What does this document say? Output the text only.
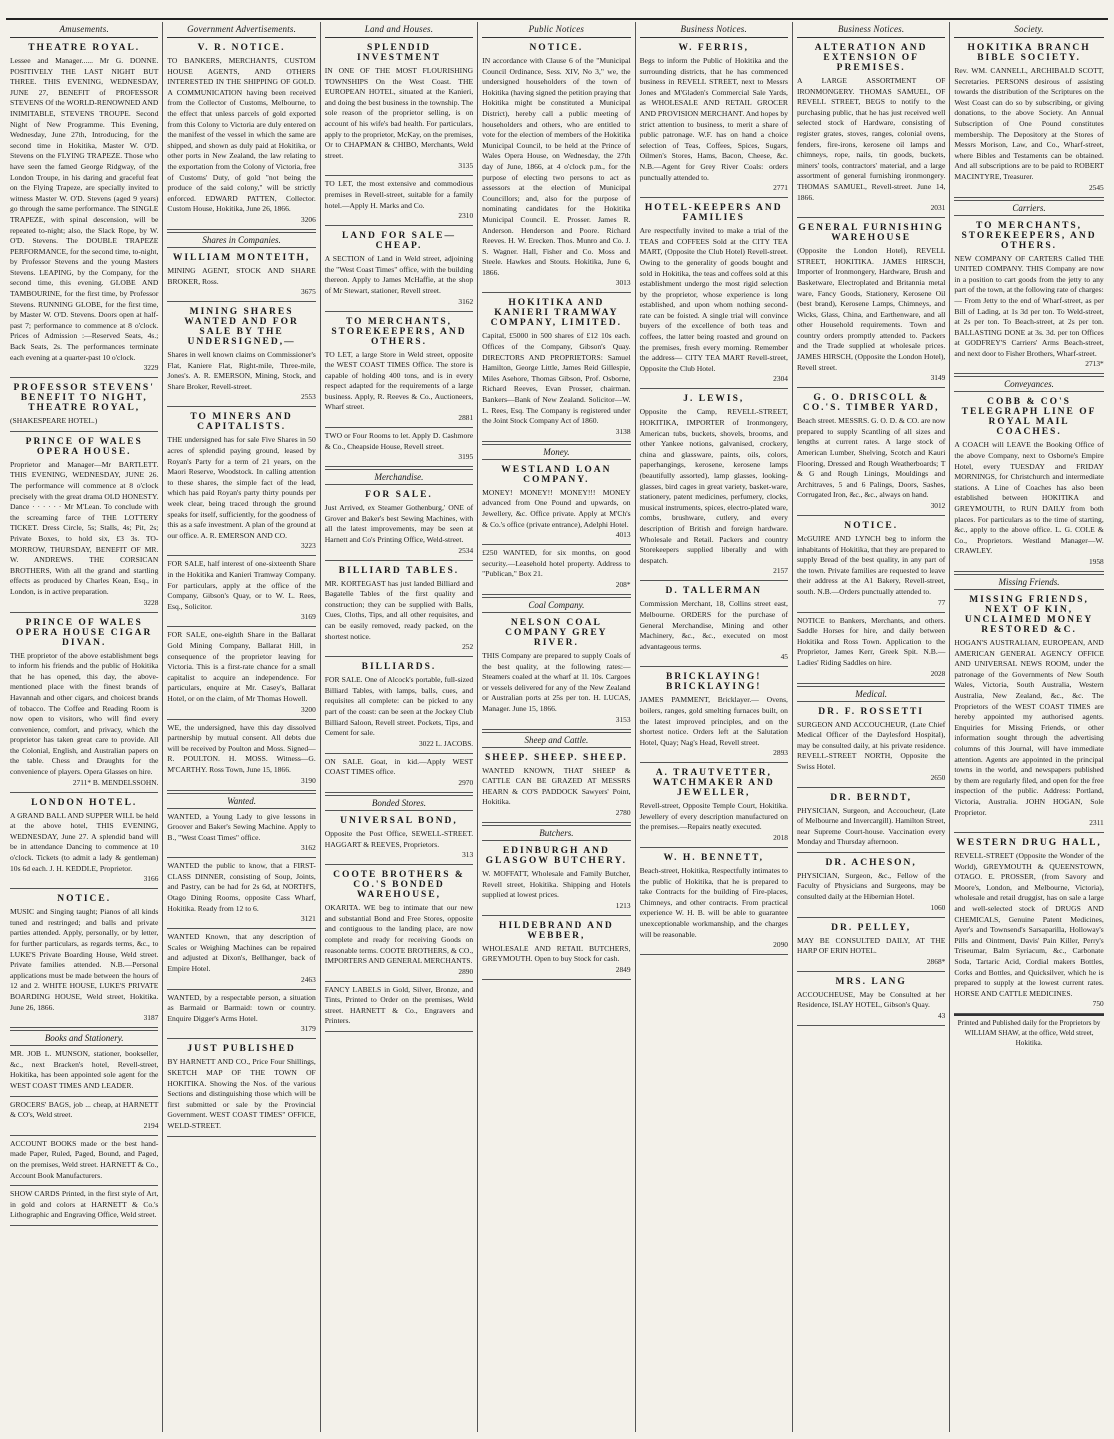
Amusements.
THEATRE ROYAL.
Lessee and Manager...... Mr G. DONNE. POSITIVELY THE LAST NIGHT BUT THREE. THIS EVENING, WEDNESDAY, JUNE 27, BENEFIT of PROFESSOR STEVENS Of the WORLD-RENOWNED AND INIMITABLE, STEVENS TROUPE. Second Night of New Programme. This Evening, Wednesday, June 27th, Introducing, for the second time in Hokitika, Master W. O'D. Stevens on the FLYING TRAPEZE. Those who have seen the famed George Ridgway, of the London Troupe, in his daring and graceful feat on the Flying Trapeze, are specially invited to witness Master W. O'D. Stevens (aged 9 years) go through the same performance. The SINGLE TRAPEZE, with spinal descension, will be repeated to-night; also, the Slack Rope, by W. O'D. Stevens. The DOUBLE TRAPEZE PERFORMANCE, for the second time, to-night, by Professor Stevens and the young Masters Stevens. LEAPING, by the Company, for the second time, this evening. GLOBE AND TAMBOURINE, for the first time, by Professor Stevens. RUNNING GLOBE, for the first time, by Master W. O'D. Stevens. Doors open at half-past 7; performance to commence at 8 o'clock. Prices of Admission :—Reserved Seats, 4s.; Back Seats, 2s. The performances terminate each evening at a quarter-past 10 o'clock.
3229
PROFESSOR STEVENS' BENEFIT TO NIGHT, THEATRE ROYAL,
(SHAKESPEARE HOTEL.)
PRINCE OF WALES OPERA HOUSE.
Proprietor and Manager—Mr BARTLETT. THIS EVENING, WEDNESDAY, JUNE 26. The performance will commence at 8 o'clock precisely with the great drama OLD HONESTY. Dance · · · · · · Mr M'Lean. To conclude with the screaming farce of THE LOTTERY TICKET. Dress Circle, 5s; Stalls, 4s; Pit, 2s; Private Boxes, to hold six, £3 3s. TO-MORROW, THURSDAY, BENEFIT OF MR. W. ANDREWS. THE CORSICAN BROTHERS, With all the grand and startling effects as produced by Charles Kean, Esq., in London, is in active preparation.
3228
PRINCE OF WALES OPERA HOUSE CIGAR DIVAN.
THE proprietor of the above establishment begs to inform his friends and the public of Hokitika that he has opened, this day, the above-mentioned place with the finest brands of Havannah and other cigars, and choicest brands of tobacco. The Coffee and Reading Room is now open to visitors, who will find every convenience, comfort, and privacy, which the proprietor has taken great care to provide. All the Colonial, English, and Australian papers on the table. Chess and Draughts for the convenience of players. Opera Glasses on hire.
2711* B. MENDELSSOHN.
LONDON HOTEL.
A GRAND BALL AND SUPPER WILL be held at the above hotel, THIS EVENING, WEDNESDAY, June 27. A splendid band will be in attendance Dancing to commence at 10 o'clock. Tickets (to admit a lady & gentleman) 10s 6d each. J. H. KEDDLE, Proprietor.
3166
NOTICE.
MUSIC and Singing taught; Pianos of all kinds tuned and restringed; and balls and private parties attended. Apply, personally, or by letter, for further particulars, as regards terms, &c., to LUKE'S Private Boarding House, Weld street. Private families attended. N.B.—Personal applications must be made between the hours of 12 and 2. WHITE HOUSE, LUKE'S PRIVATE BOARDING HOUSE, Weld street, Hokitika. June 26, 1866.
3187
Books and Stationery.
MR. JOB L. MUNSON, stationer, bookseller, &c., next Bracken's hotel, Revell-street, Hokitika, has been appointed sole agent for the WEST COAST TIMES AND LEADER.
GROCERS' BAGS, job ... cheap, at HARNETT & CO's, Weld street.
2194
ACCOUNT BOOKS made or the best hand-made Paper, Ruled, Paged, Bound, and Paged, on the premises, Weld street. HARNETT & Co., Account Book Manufacturers.
SHOW CARDS Printed, in the first style of Art, in gold and colors at HARNETT & Co.'s Lithographic and Engraving Office, Weld street.
Government Advertisements.
V. R. NOTICE.
TO BANKERS, MERCHANTS, CUSTOM HOUSE AGENTS, AND OTHERS INTERESTED IN THE SHIPPING OF GOLD. A COMMUNICATION having been received from the Collector of Customs, Melbourne, to the effect that unless parcels of gold exported from this Colony to Victoria are duly entered on the manifest of the vessel in which the same are shipped, and shown as duly paid at Hokitika, or other ports in New Zealand, the law relating to the exportation from the Colony of Victoria, free of Customs' Duty, of gold "not being the produce of the said colony," will be strictly enforced. EDWARD PATTEN, Collector. Custom House, Hokitika, June 26, 1866.
3206
Shares in Companies.
WILLIAM MONTEITH,
MINING AGENT, STOCK AND SHARE BROKER, Ross.
3675
MINING SHARES WANTED AND FOR SALE BY THE UNDERSIGNED,—
Shares in well known claims on Commissioner's Flat, Kaniere Flat, Right-mile, Three-mile, Jones's. A. R. EMERSON, Mining, Stock, and Share Broker, Revell-street.
2553
TO MINERS AND CAPITALISTS.
THE undersigned has for sale Five Shares in 50 acres of splendid paying ground, leased by Royan's Party for a term of 21 years, on the Maori Reserve, Woodstock. In calling attention to these shares, the simple fact of the lead, which has paid Royan's party thirty pounds per week clear, being traced through the ground speaks for itself, sufficiently, for the goodness of this as a safe investment. A plan of the ground at our office. A. R. EMERSON AND CO.
3223
FOR SALE, half interest of one-sixteenth Share in the Hokitika and Kanieri Tramway Company. For particulars, apply at the office of the Company, Gibson's Quay, or to W. L. Rees, Esq., Solicitor.
3169
FOR SALE, one-eighth Share in the Ballarat Gold Mining Company, Ballarat Hill, in consequence of the proprietor leaving for Victoria. This is a first-rate chance for a small capitalist to acquire an independence. For particulars, enquire at Mr. Casey's, Ballarat Hotel, or on the claim, of Mr Thomas Howell.
3200
WE, the undersigned, have this day dissolved partnership by mutual consent. All debts due will be received by Poulton and Moss. Signed—R. POULTON. H. MOSS. Witness—G. M'CARTHY. Ross Town, June 15, 1866.
3190
Wanted.
WANTED, a Young Lady to give lessons in Groover and Baker's Sewing Machine. Apply to B., "West Coast Times" office.
3162
WANTED the public to know, that a FIRST-CLASS DINNER, consisting of Soup, Joints, and Pastry, can be had for 2s 6d, at NORTH'S, Otago Dining Rooms, opposite Cass Wharf, Hokitika. Ready from 12 to 6.
3121
WANTED Known, that any description of Scales or Weighing Machines can be repaired and adjusted at Dixon's, Bellhanger, back of Empire Hotel.
2463
WANTED, by a respectable person, a situation as Barmaid or Barmaid: town or country. Enquire Digger's Arms Hotel.
3179
JUST PUBLISHED
BY HARNETT AND CO., Price Four Shillings, SKETCH MAP OF THE TOWN OF HOKITIKA. Showing the Nos. of the various Sections and distinguishing those which will be first submitted or sale by the Provincial Government. WEST COAST TIMES" OFFICE, WELD-STREET.
Land and Houses.
SPLENDID INVESTMENT
IN ONE OF THE MOST FLOURISHING TOWNSHIPS On the West Coast. THE EUROPEAN HOTEL, situated at the Kanieri, and doing the best business in the township. The sole reason of the proprietor selling, is on account of his wife's bad health. For particulars, apply to the proprietor, McKay, on the premises, Or to CHAPMAN & CHIBO, Merchants, Weld street.
3135
TO LET, the most extensive and commodious premises in Revell-street, suitable for a family hotel.—Apply H. Marks and Co.
2310
LAND FOR SALE—CHEAP.
A SECTION of Land in Weld street, adjoining the "West Coast Times" office, with the building thereon. Apply to James McHaffie, at the shop of Mr Stewart, stationer, Revell street.
3162
TO MERCHANTS, STOREKEEPERS, AND OTHERS.
TO LET, a large Store in Weld street, opposite the WEST COAST TIMES Office. The store is capable of holding 400 tons, and is in every respect adapted for the requirements of a large business. Apply, R. Reeves & Co., Auctioneers, Wharf street.
2881
TWO or Four Rooms to let. Apply D. Cashmore & Co., Cheapside House, Revell street.
3195
Merchandise.
FOR SALE.
Just Arrived, ex Steamer Gothenburg,' ONE of Grover and Baker's best Sewing Machines, with all the latest improvements, may be seen at Harnett and Co's Printing Office, Weld-street.
2534
BILLIARD TABLES.
MR. KORTEGAST has just landed Billiard and Bagatelle Tables of the first quality and construction; they can be supplied with Balls, Cues, Cloths, Tips, and all other requisites, and can be easily removed, ready packed, on the shortest notice.
252
BILLIARDS.
FOR SALE. One of Alcock's portable, full-sized Billiard Tables, with lamps, balls, cues, and requisites all complete: can be picked to any part of the coast: can be seen at the Jockey Club Billiard Saloon, Revell street. Pockets, Tips, and Cement for sale.
3022 L. JACOBS.
ON SALE. Goat, in kid.—Apply WEST COAST TIMES office.
2970
Bonded Stores.
UNIVERSAL BOND,
Opposite the Post Office, SEWELL-STREET. HAGGART & REEVES, Proprietors.
313
COOTE BROTHERS & CO.'S BONDED WAREHOUSE,
OKARITA. WE beg to intimate that our new and substantial Bond and Free Stores, opposite and contiguous to the landing place, are now complete and ready for receiving Goods on reasonable terms. COOTE BROTHERS, & CO., IMPORTERS AND GENERAL MERCHANTS.
2890
FANCY LABELS in Gold, Silver, Bronze, and Tints, Printed to Order on the premises, Weld street. HARNETT & Co., Engravers and Printers.
Public Notices
NOTICE.
IN accordance with Clause 6 of the "Municipal Council Ordinance, Sess. XIV, No 3," we, the undersigned householders of the town of Hokitika (having signed the petition praying that Hokitika might be constituted a Municipal District), hereby call a public meeting of householders and others, who are entitled to vote for the election of members of the Hokitika Municipal Council, to be held at the Prince of Wales Opera House, on Wednesday, the 27th day of June, 1866, at 4 o'clock p.m., for the purpose of electing two persons to act as assessors at the election of Municipal Councillors; and, also for the purpose of nominating candidates for the Hokitika Municipal Council. E. Prosser. James R. Anderson. Henderson and Poore. Richard Reeves. H. W. Erecken. Thos. Munro and Co. J. S. Wagner. Hall, Fisher and Co. Moss and Steele. Hawkes and Stouts. Hokitika, June 6, 1866.
3013
HOKITIKA AND KANIERI TRAMWAY COMPANY, LIMITED.
Capital, £5000 in 500 shares of £12 10s each. Offices of the Company, Gibson's Quay. DIRECTORS AND PROPRIETORS: Samuel Hamilton, George Little, James Reid Gillespie, Miles Asehore, Thomas Gibson, Prof. Osborne, Richard Reeves, Evan Prosser, chairman. Bankers—Bank of New Zealand. Solicitor—W. L. Rees, Esq. The Company is registered under the Joint Stock Company Act of 1860.
3138
Money.
WESTLAND LOAN COMPANY.
MONEY! MONEY!! MONEY!!! MONEY advanced from One Pound and upwards, on Jewellery, &c. Office private. Apply at M'Ch's & Co.'s office (private entrance), Adelphi Hotel.
4013
£250 WANTED, for six months, on good security.—Leasehold hotel property. Address to "Publican," Box 21.
208*
Coal Company.
NELSON COAL COMPANY GREY RIVER.
THIS Company are prepared to supply Coals of the best quality, at the following rates:— Steamers coaled at the wharf at 1l. 10s. Cargoes or vessels delivered for any of the New Zealand or Australian ports at 25s per ton. H. LUCAS, Manager. June 15, 1866.
3153
Sheep and Cattle.
SHEEP. SHEEP. SHEEP.
WANTED KNOWN, THAT SHEEP & CATTLE CAN BE GRAZED AT MESSRS HEARN & CO'S PADDOCK Sawyers' Point, Hokitika.
2780
Butchers.
EDINBURGH AND GLASGOW BUTCHERY.
W. MOFFATT, Wholesale and Family Butcher, Revell street, Hokitika. Shipping and Hotels supplied at lowest prices.
1213
HILDEBRAND AND WEBBER,
WHOLESALE AND RETAIL BUTCHERS, GREYMOUTH. Open to buy Stock for cash.
2849
Business Notices.
W. FERRIS,
Begs to inform the Public of Hokitika and the surrounding districts, that he has commenced business in REVELL STREET, next to Messrs Jones and M'Gladen's Commercial Sale Yards, as WHOLESALE AND RETAIL GROCER AND PROVISION MERCHANT. And hopes by strict attention to business, to merit a share of public patronage. W.F. has on hand a choice selection of Teas, Coffees, Spices, Sugars, Oilmen's Stores, Hams, Bacon, Cheese, &c. N.B.—Agent for Grey River Coals: orders punctually attended to.
2771
HOTEL-KEEPERS AND FAMILIES
Are respectfully invited to make a trial of the TEAS and COFFEES Sold at the CITY TEA MART, (Opposite the Club Hotel) Revell-street. Owing to the generality of goods bought and sold in Hokitika, the teas and coffees sold at this establishment undergo the most rigid selection by the proprietor, whose experience is long established, and upon whom nothing second-rate can be foisted. A single trial will convince buyers of the excellence of both teas and coffees, the latter being roasted and ground on the premises, fresh every morning. Remember the address— CITY TEA MART Revell-street, Opposite the Club Hotel.
2304
J. LEWIS,
Opposite the Camp, REVELL-STREET, HOKITIKA, IMPORTER of Ironmongery, American tubs, buckets, shovels, brooms, and other Yankee notions, galvanised, crockery, china and glassware, paints, oils, colors, paperhangings, kerosene, kerosene lamps (beautifully assorted), lamp glasses, looking-glasses, bird cages in great variety, basket-ware, stationery, patent medicines, perfumery, clocks, musical instruments, spices, electro-plated ware, combs, brushware, cutlery, and every description of British and foreign hardware. Wholesale and Retail. Packers and country Storekeepers supplied liberally and with despatch.
2157
D. TALLERMAN
Commission Merchant, 18, Collins street east, Melbourne. ORDERS for the purchase of General Merchandise, Mining and other Machinery, &c., &c., executed on most advantageous terms.
45
BRICKLAYING! BRICKLAYING!
JAMES PAMMENT, Bricklayer.— Ovens, boilers, ranges, gold smelting furnaces built, on the latest improved principles, and on the shortest notice. Orders left at the Salutation Hotel, Quay; Nag's Head, Revell street.
2893
A. TRAUTVETTER, WATCHMAKER AND JEWELLER,
Revell-street, Opposite Temple Court, Hokitika. Jewellery of every description manufactured on the premises.—Repairs neatly executed.
2018
W. H. BENNETT,
Beach-street, Hokitika, Respectfully intimates to the public of Hokitika, that he is prepared to take Contracts for the building of Fire-places, Chimneys, and other contracts. From practical experience W. H. B. will be able to guarantee unexceptionable workmanship, and the charges will be reasonable.
2090
Business Notices.
ALTERATION AND EXTENSION OF PREMISES.
A LARGE ASSORTMENT OF IRONMONGERY. THOMAS SAMUEL, OF REVELL STREET, BEGS to notify to the purchasing public, that he has just received well selected stock of Hardware, consisting of register grates, stoves, ranges, colonial ovens, fenders, fire-irons, kerosene oil lamps and chimneys, rope, nails, tin goods, buckets, miners' tools, contractors' material, and a large assortment of general furnishing ironmongery. THOMAS SAMUEL, Revell-street. June 14, 1866.
2031
GENERAL FURNISHING WAREHOUSE
(Opposite the London Hotel), REVELL STREET, HOKITIKA. JAMES HIRSCH, Importer of Ironmongery, Hardware, Brush and Basketware, Electroplated and Britannia metal ware, Fancy Goods, Stationery, Kerosene Oil (best brand), Kerosene Lamps, Chimneys, and Wicks, Glass, China, and Earthenware, and all other Household requirements. Town and country orders promptly attended to. Packers and the Trade supplied at wholesale prices. JAMES HIRSCH, (Opposite the London Hotel), Revell street.
3149
G. O. DRISCOLL & CO.'S. TIMBER YARD,
Beach street. MESSRS. G. O. D. & CO. are now prepared to supply Scantling of all sizes and lengths at current rates. A large stock of American Lumber, Shelving, Scotch and Kauri Flooring, Dressed and Rough Weatherboards; T & G and Rough Linings, Mouldings and Architraves, 5 and 6 Palings, Doors, Sashes, Corrugated Iron, &c., &c., always on hand.
3012
NOTICE.
McGUIRE AND LYNCH beg to inform the inhabitants of Hokitika, that they are prepared to supply Bread of the best quality, in any part of the town. Private families are requested to leave their address at the A1 Bakery, Revell-street, south. N.B.—Orders punctually attended to.
77
NOTICE to Bankers, Merchants, and others. Saddle Horses for hire, and daily between Hokitika and Ross Town. Application to the Proprietor, James Kerr, Greek Spit. N.B.—Ladies' Riding Saddles on hire.
2028
Medical.
DR. F. ROSSETTI
SURGEON AND ACCOUCHEUR, (Late Chief Medical Officer of the Daylesford Hospital), may be consulted daily, at his private residence. REVELL-STREET NORTH, Opposite the Swiss Hotel.
2650
DR. BERNDT,
PHYSICIAN, Surgeon, and Accoucheur, (Late of Melbourne and Invercargill). Hamilton Street, near Supreme Court-house. Vaccination every Monday and Thursday afternoon.
DR. ACHESON,
PHYSICIAN, Surgeon, &c., Fellow of the Faculty of Physicians and Surgeons, may be consulted daily at the Hibernian Hotel.
1060
DR. PELLEY,
MAY BE CONSULTED DAILY, AT THE HARP OF ERIN HOTEL.
2868*
MRS. LANG
ACCOUCHEUSE, May be Consulted at her Residence, ISLAY HOTEL, Gibson's Quay.
43
Society.
HOKITIKA BRANCH BIBLE SOCIETY.
Rev. WM. CANNELL, ARCHIBALD SCOTT, Secretaries. PERSONS desirous of assisting towards the distribution of the Scriptures on the West Coast can do so by subscribing, or giving donations, to the above Society. An Annual Subscription of One Pound constitutes membership. The Depository at the Stores of Messrs Morison, Law, and Co., Wharf-street, where Bibles and Testaments can be obtained. And all subscriptions are to be paid to ROBERT MACINTYRE, Treasurer.
2545
Carriers.
TO MERCHANTS, STOREKEEPERS, AND OTHERS.
NEW COMPANY OF CARTERS Called THE UNITED COMPANY. THIS Company are now in a position to cart goods from the jetty to any part of the town, at the following rate of charges:— From Jetty to the end of Wharf-street, as per Bill of Lading, at 1s 3d per ton. To Weld-street, at 2s per ton. To Beach-street, at 2s per ton. BALLASTING DONE at 3s. 3d. per ton Offices at GODFREY'S Carriers' Arms Beach-street, and next door to Fisher Brothers, Wharf-street.
2713*
Conveyances.
COBB & CO'S TELEGRAPH LINE OF ROYAL MAIL COACHES.
A COACH will LEAVE the Booking Office of the above Company, next to Osborne's Empire Hotel, every TUESDAY and FRIDAY MORNINGS, for Christchurch and intermediate stations. A Line of Coaches has also been established between HOKITIKA and GREYMOUTH, to RUN DAILY from both places. For particulars as to the time of starting, &c., apply to the above office. L. G. COLE & Co., Proprietors. Westland Manager—W. CRAWLEY.
1958
Missing Friends.
MISSING FRIENDS, NEXT OF KIN, UNCLAIMED MONEY RESTORED &C.
HOGAN'S AUSTRALIAN, EUROPEAN, AND AMERICAN GENERAL AGENCY OFFICE AND UNIVERSAL NEWS ROOM, under the patronage of the Governments of New South Wales, Victoria, South Australia, Western Australia, New Zealand, &c., &c. The Proprietors of the WEST COAST TIMES are hereby appointed my authorised agents. Enquiries for Missing Friends, or other information sought through the advertising columns of this Journal, will have immediate attention. Agents are appointed in the principal towns in the world, and newspapers published by them are regularly filed, and open for the free inspection of the public. Address: Portland, Victoria, Australia. JOHN HOGAN, Sole Proprietor.
2311
WESTERN DRUG HALL,
REVELL-STREET (Opposite the Wonder of the World), GREYMOUTH & QUEENSTOWN, OTAGO. E. PROSSER, (from Savory and Moore's, London, and Melbourne, Victoria), wholesale and retail druggist, has on sale a large and well-selected stock of DRUGS AND CHEMICALS, Genuine Patent Medicines, Ayer's and Townsend's Sarsaparilla, Holloway's Pills and Ointment, Davis' Pain Killer, Perry's Triseumar, Balm Syriacum, &c., Carbonate Soda, Tartaric Acid, Cordial makers Bottles, Corks and Bottles, and Quicksilver, which he is prepared to supply at the lowest current rates. HORSE AND CATTLE MEDICINES.
750
Printed and Published daily for the Proprietors by WILLIAM SHAW, at the office, Weld street, Hokitika.
